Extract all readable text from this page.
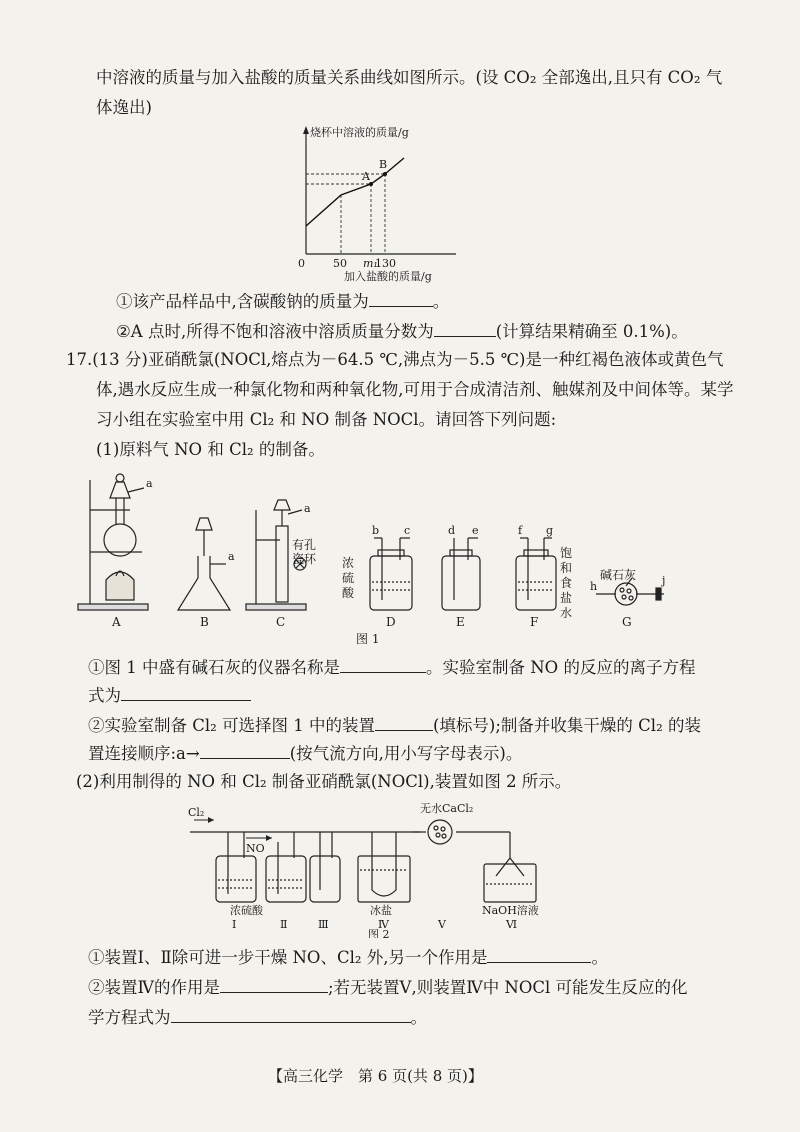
中溶液的质量与加入盐酸的质量关系曲线如图所示。(设 CO₂ 全部逸出,且只有 CO₂ 气
体逸出)
烧杯中溶液的质量/g
A
B
0	50 m₁
130
加入盐酸的质量/g
①该产品样品中,含碳酸钠的质量为	。
②A 点时,所得不饱和溶液中溶质质量分数为	(计算结果精确至 0.1%)。
17.(13 分)亚硝酰氯(NOCl,熔点为－64.5 ℃,沸点为－5.5 ℃)是一种红褐色液体或黄色气
体,遇水反应生成一种氯化物和两种氧化物,可用于合成清洁剂、触媒剂及中间体等。某学
习小组在实验室中用 Cl₂ 和 NO 制备 NOCl。请回答下列问题:
(1)原料气 NO 和 Cl₂ 的制备。
a
a
a
b c	d e	f g
h	j
A	B	C	D	E	F	G
图 1
有孔瓷环 浓硫酸
饱和食盐水
碱石灰
①图 1 中盛有碱石灰的仪器名称是	。实验室制备 NO 的反应的离子方程
式为
②实验室制备 Cl₂ 可选择图 1 中的装置	(填标号);制备并收集干燥的 Cl₂ 的装
置连接顺序:a→	(按气流方向,用小写字母表示)。
(2)利用制得的 NO 和 Cl₂ 制备亚硝酰氯(NOCl),装置如图 2 所示。
Cl₂
NO
无水CaCl₂
浓硫酸	冰盐	NaOH溶液
Ⅰ	Ⅱ	Ⅲ	Ⅳ	Ⅴ	Ⅵ
图 2
①装置Ⅰ、Ⅱ除可进一步干燥 NO、Cl₂ 外,另一个作用是	。
②装置Ⅳ的作用是	;若无装置Ⅴ,则装置Ⅳ中 NOCl 可能发生反应的化
学方程式为	。
【高三化学　第 6 页(共 8 页)】
